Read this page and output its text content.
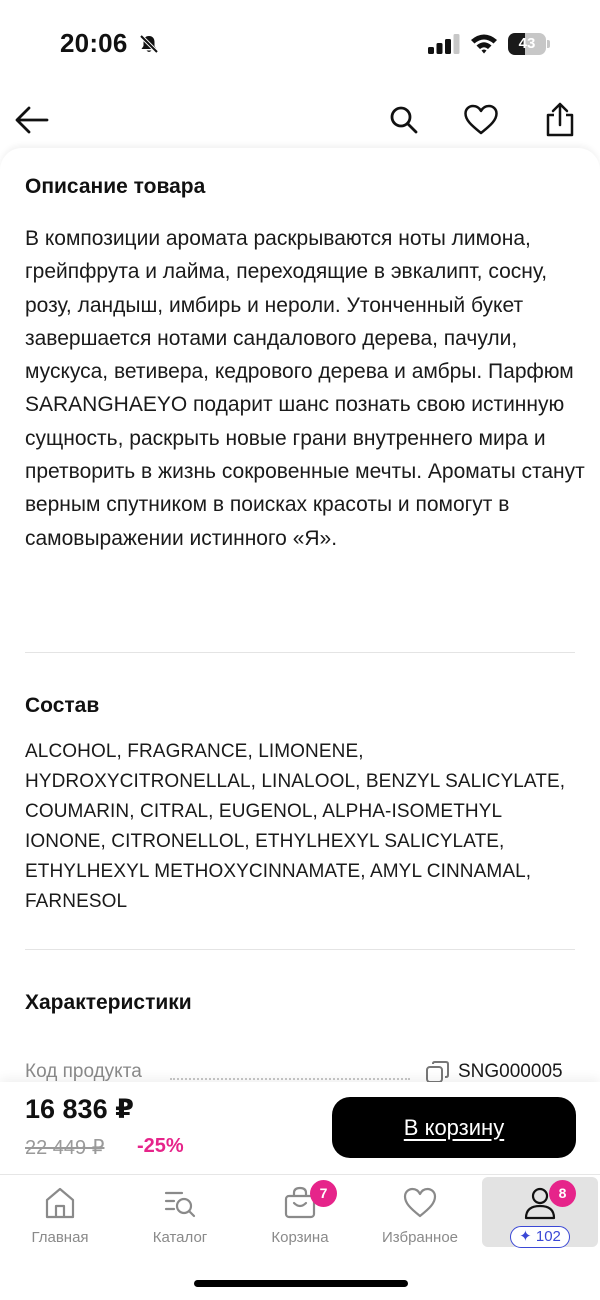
20:06	43
Описание товара
В композиции аромата раскрываются ноты лимона, грейпфрута и лайма, переходящие в эвкалипт, сосну, розу, ландыш, имбирь и нероли. Утонченный букет завершается нотами сандалового дерева, пачули, мускуса, ветивера, кедрового дерева и амбры. Парфюм SARANGHAEYO подарит шанс познать свою истинную сущность, раскрыть новые грани внутреннего мира и претворить в жизнь сокровенные мечты. Ароматы станут верным спутником в поисках красоты и помогут в самовыражении истинного «Я».
Состав
ALCOHOL, FRAGRANCE, LIMONENE, HYDROXYCITRONELLAL, LINALOOL, BENZYL SALICYLATE, COUMARIN, CITRAL, EUGENOL, ALPHA-ISOMETHYL IONONE, CITRONELLOL, ETHYLHEXYL SALICYLATE, ETHYLHEXYL METHOXYCINNAMATE, AMYL CINNAMAL, FARNESOL
Характеристики
Код продукта	SNG000005
16 836 ₽
22 449 ₽ -25%
В корзину
Главная	Каталог
7
Корзина	Избранное
8
✦ 102
